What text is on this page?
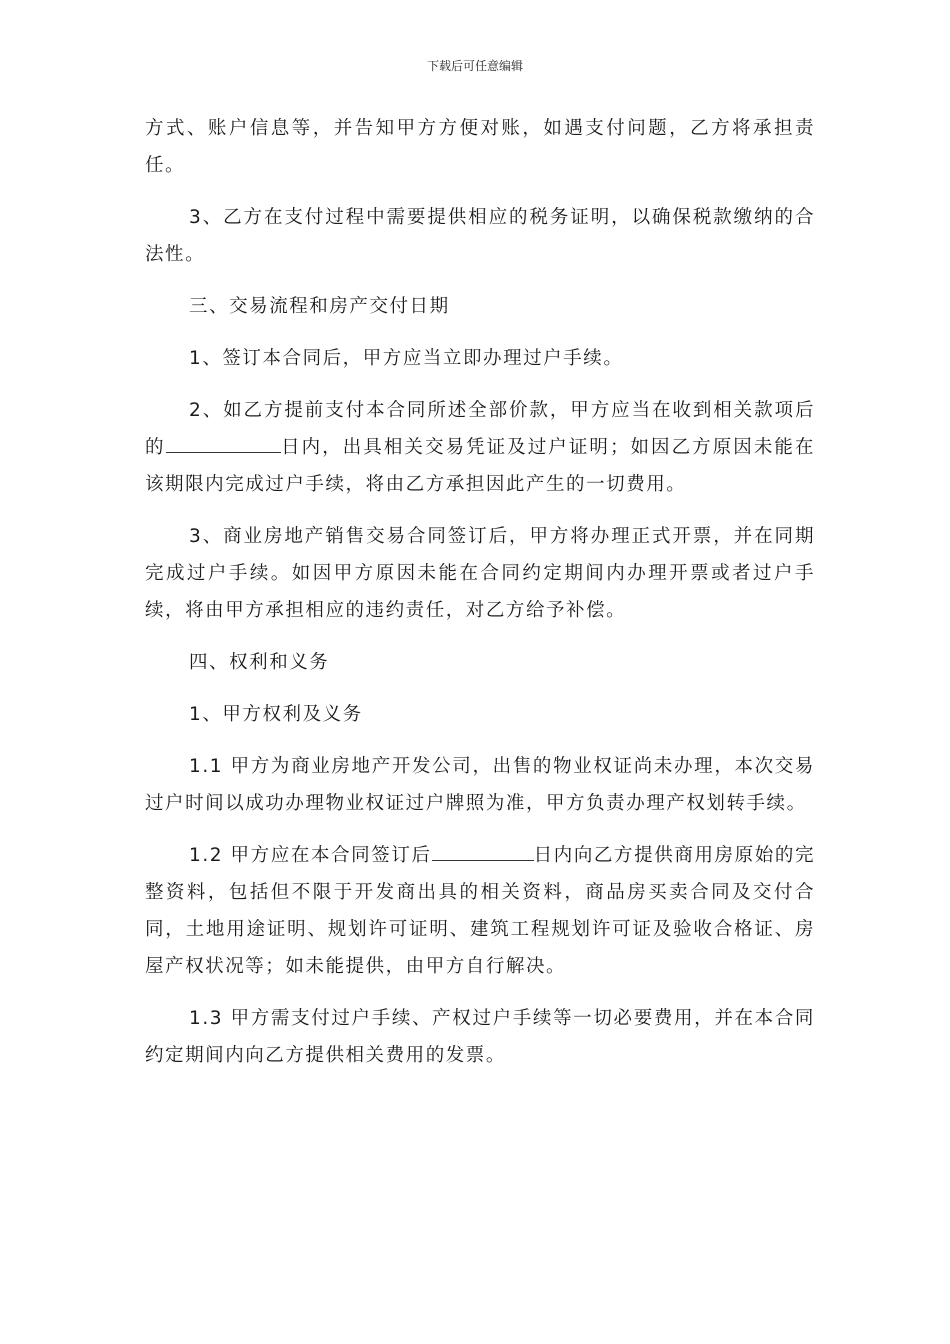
下载后可任意编辑

方式、账户信息等，并告知甲方方便对账，如遇支付问题，乙方将承担责任。

3、乙方在支付过程中需要提供相应的税务证明，以确保税款缴纳的合法性。

三、交易流程和房产交付日期

1、签订本合同后，甲方应当立即办理过户手续。

2、如乙方提前支付本合同所述全部价款，甲方应当在收到相关款项后的	日内，出具相关交易凭证及过户证明；如因乙方原因未能在该期限内完成过户手续，将由乙方承担因此产生的一切费用。

3、商业房地产销售交易合同签订后，甲方将办理正式开票，并在同期完成过户手续。如因甲方原因未能在合同约定期间内办理开票或者过户手续，将由甲方承担相应的违约责任，对乙方给予补偿。

四、权利和义务

1、甲方权利及义务

1.1 甲方为商业房地产开发公司，出售的物业权证尚未办理，本次交易过户时间以成功办理物业权证过户牌照为准，甲方负责办理产权划转手续。

1.2 甲方应在本合同签订后	日内向乙方提供商用房原始的完整资料，包括但不限于开发商出具的相关资料，商品房买卖合同及交付合同，土地用途证明、规划许可证明、建筑工程规划许可证及验收合格证、房屋产权状况等；如未能提供，由甲方自行解决。

1.3 甲方需支付过户手续、产权过户手续等一切必要费用，并在本合同约定期间内向乙方提供相关费用的发票。
